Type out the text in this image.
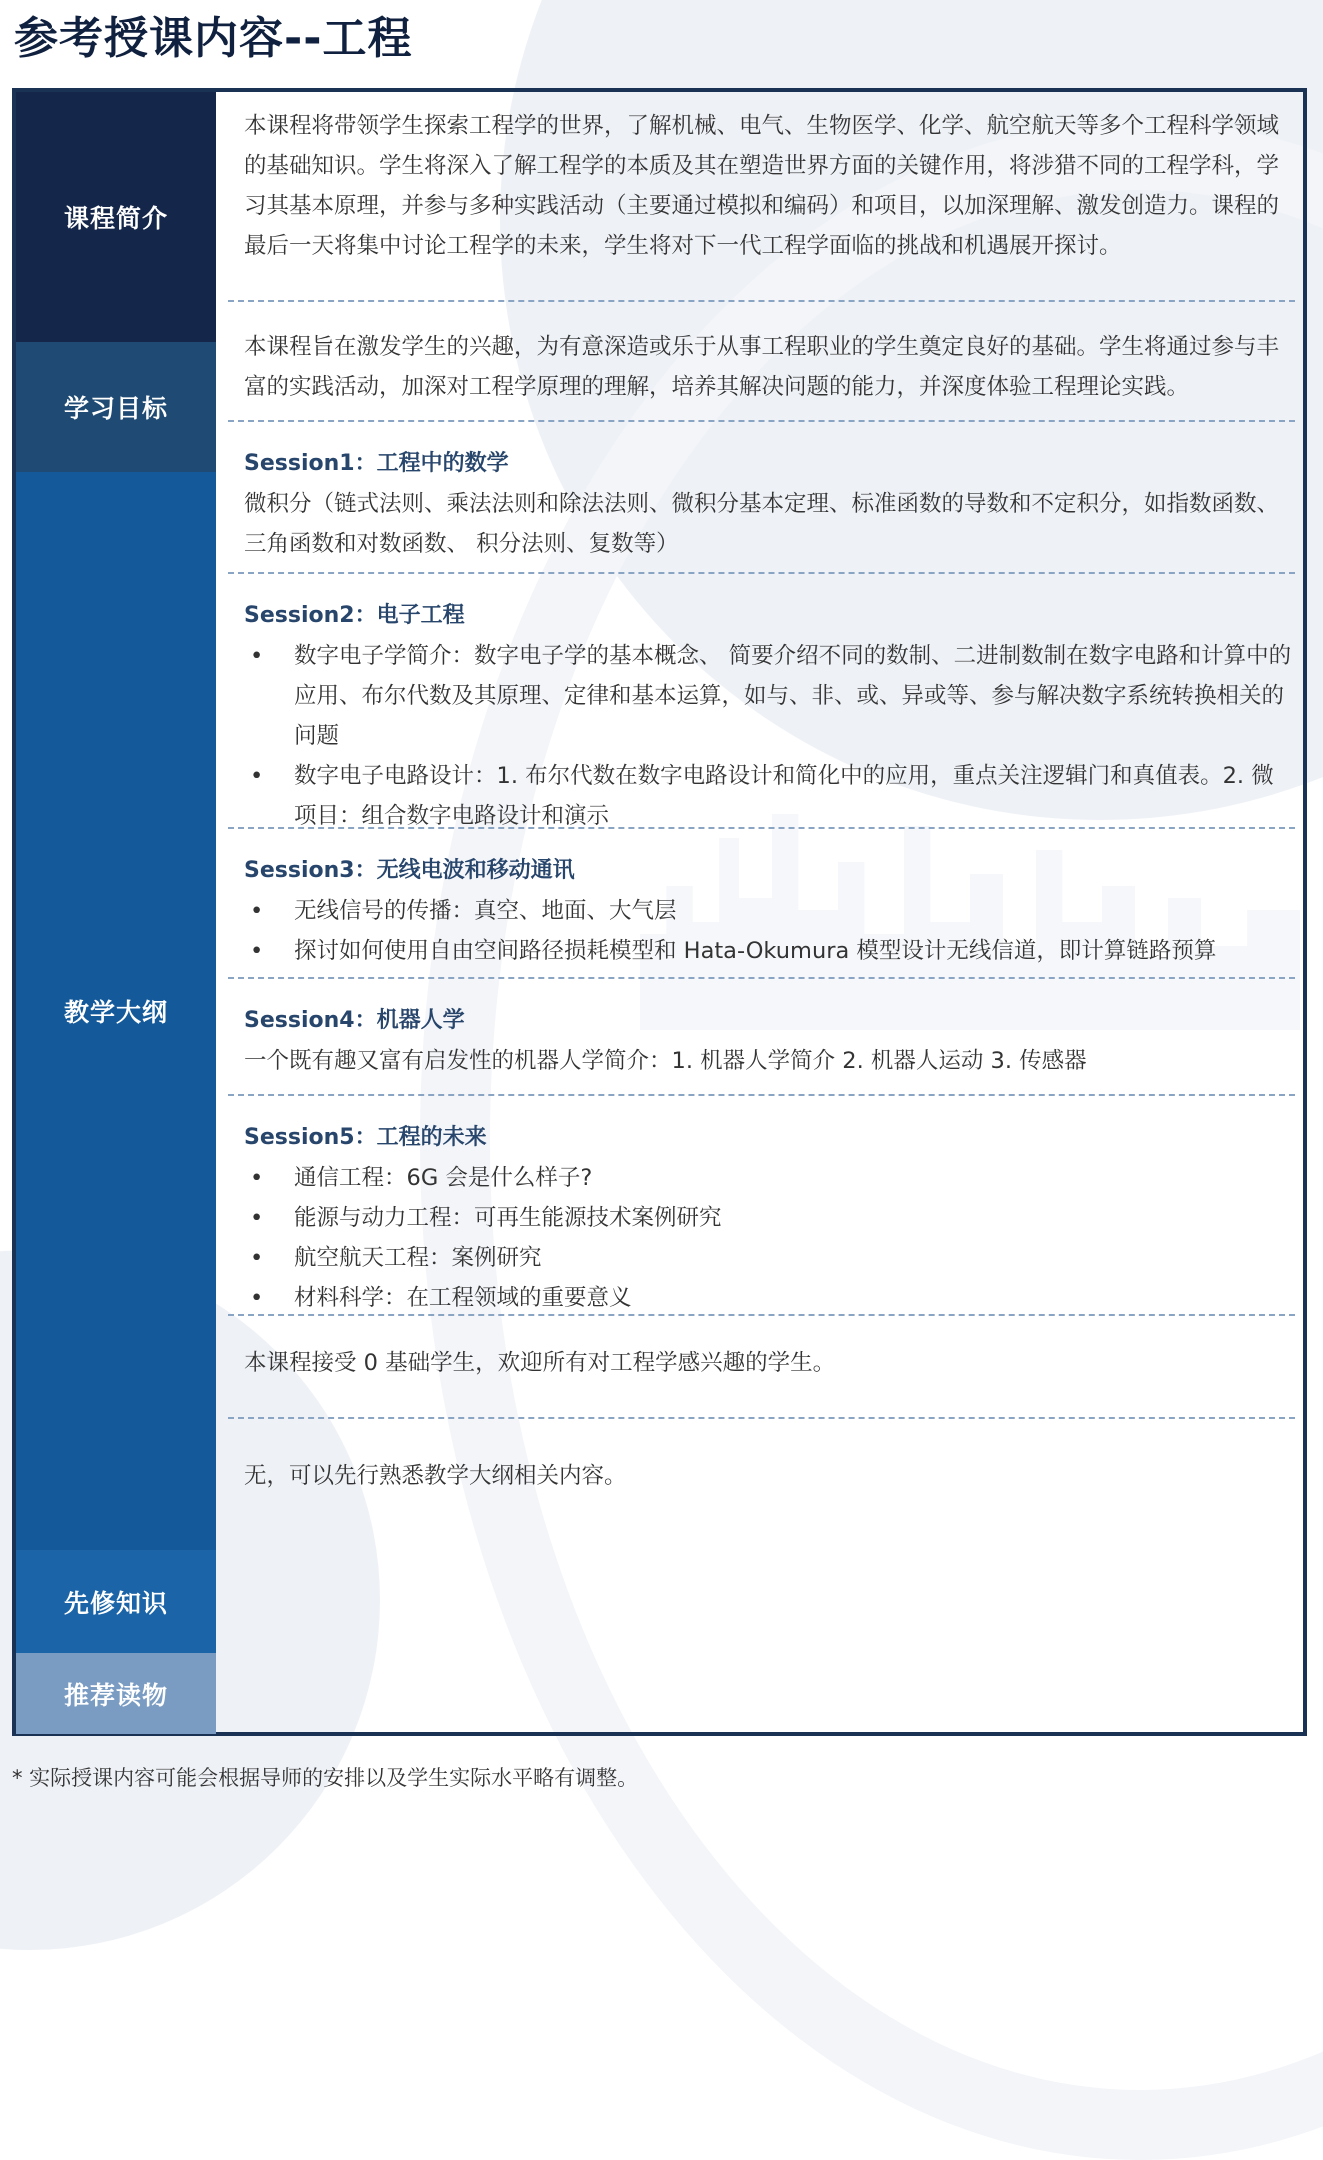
参考授课内容--工程
课程简介
学习目标
教学大纲
先修知识
推荐读物
本课程将带领学生探索工程学的世界，了解机械、电气、生物医学、化学、航空航天等多个工程科学领域的基础知识。学生将深入了解工程学的本质及其在塑造世界方面的关键作用，将涉猎不同的工程学科，学习其基本原理，并参与多种实践活动（主要通过模拟和编码）和项目，以加深理解、激发创造力。课程的最后一天将集中讨论工程学的未来，学生将对下一代工程学面临的挑战和机遇展开探讨。
本课程旨在激发学生的兴趣，为有意深造或乐于从事工程职业的学生奠定良好的基础。学生将通过参与丰富的实践活动，加深对工程学原理的理解，培养其解决问题的能力，并深度体验工程理论实践。
Session1：工程中的数学
微积分（链式法则、乘法法则和除法法则、微积分基本定理、标准函数的导数和不定积分，如指数函数、三角函数和对数函数、 积分法则、复数等）
Session2：电子工程
• 数字电子学简介：数字电子学的基本概念、 简要介绍不同的数制、二进制数制在数字电路和计算中的应用、布尔代数及其原理、定律和基本运算，如与、非、或、异或等、参与解决数字系统转换相关的问题
• 数字电子电路设计：1. 布尔代数在数字电路设计和简化中的应用，重点关注逻辑门和真值表。2. 微项目：组合数字电路设计和演示
Session3：无线电波和移动通讯
• 无线信号的传播：真空、地面、大气层
• 探讨如何使用自由空间路径损耗模型和 Hata-Okumura 模型设计无线信道，即计算链路预算
Session4：机器人学
一个既有趣又富有启发性的机器人学简介：1. 机器人学简介 2. 机器人运动 3. 传感器
Session5：工程的未来
• 通信工程：6G 会是什么样子?
• 能源与动力工程：可再生能源技术案例研究
• 航空航天工程：案例研究
• 材料科学：在工程领域的重要意义
本课程接受 0 基础学生，欢迎所有对工程学感兴趣的学生。
无，可以先行熟悉教学大纲相关内容。

* 实际授课内容可能会根据导师的安排以及学生实际水平略有调整。
